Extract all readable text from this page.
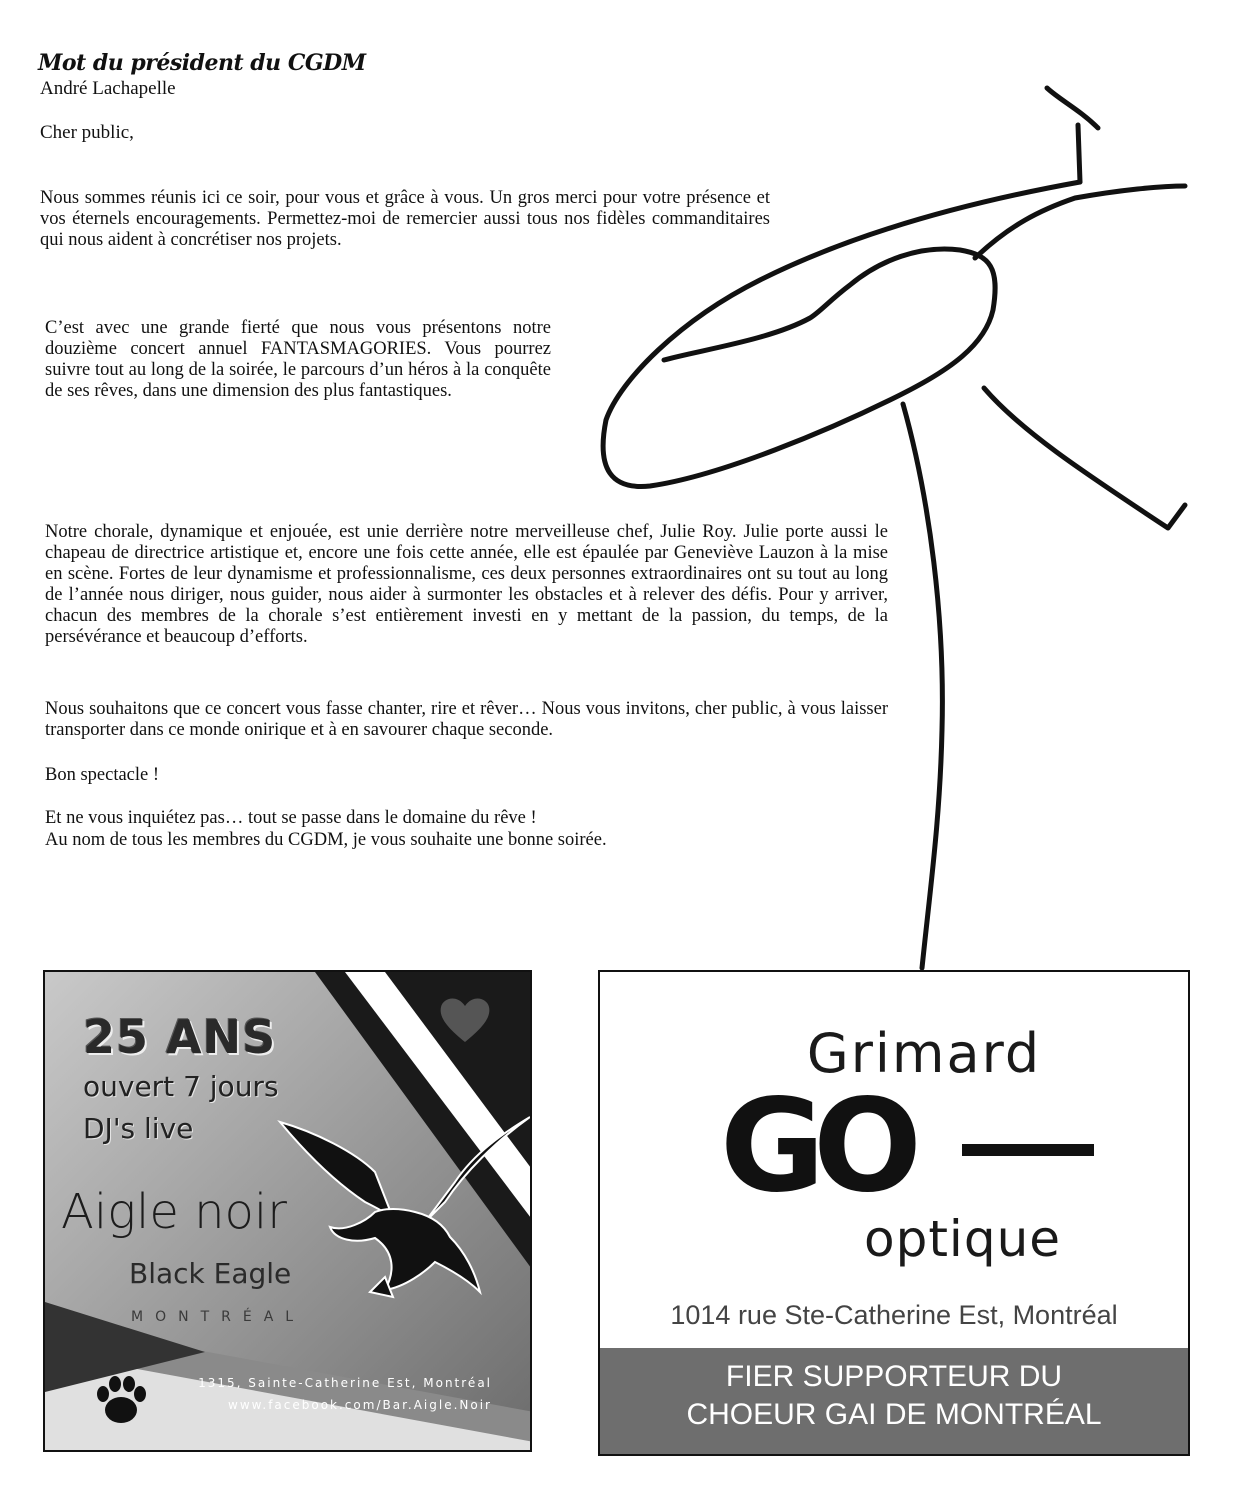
Mot du président du CGDM
André Lachapelle
Cher public,

Nous sommes réunis ici ce soir, pour vous et grâce à vous. Un gros merci pour votre présence et vos éternels encouragements. Permettez-moi de remercier aussi tous nos fidèles commanditaires qui nous aident à concrétiser nos projets.

C’est avec une grande fierté que nous vous présentons notre douzième concert annuel FANTASMAGORIES. Vous pourrez suivre tout au long de la soirée, le parcours d’un héros à la conquête de ses rêves, dans une dimension des plus fantastiques.

Notre chorale, dynamique et enjouée, est unie derrière notre merveilleuse chef, Julie Roy. Julie porte aussi le chapeau de directrice artistique et, encore une fois cette année, elle est épaulée par Geneviève Lauzon à la mise en scène. Fortes de leur dynamisme et professionnalisme, ces deux personnes extraordinaires ont su tout au long de l’année nous diriger, nous guider, nous aider à surmonter les obstacles et à relever des défis. Pour y arriver, chacun des membres de la chorale s’est entièrement investi en y mettant de la passion, du temps, de la persévérance et beaucoup d’efforts.

Nous souhaitons que ce concert vous fasse chanter, rire et rêver… Nous vous invitons, cher public, à vous laisser transporter dans ce monde onirique et à en savourer chaque seconde.

Bon spectacle !

Et ne vous inquiétez pas… tout se passe dans le domaine du rêve !

Au nom de tous les membres du CGDM, je vous souhaite une bonne soirée.

25 ANS
ouvert 7 jours
DJ's live
Aigle noir
Black Eagle
MONTRÉAL
1315, Sainte-Catherine Est, Montréal
www.facebook.com/Bar.Aigle.Noir
Grimard
GO
optique
1014 rue Ste-Catherine Est, Montréal
FIER SUPPORTEUR DU
CHOEUR GAI DE MONTRÉAL
